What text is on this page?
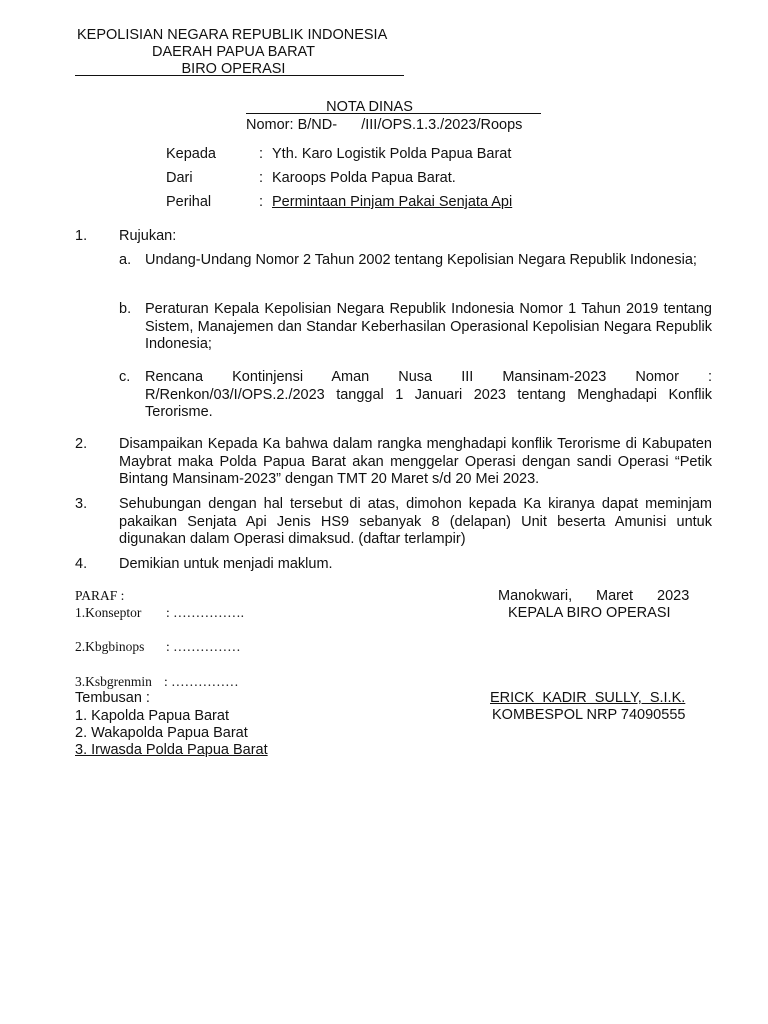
KEPOLISIAN NEGARA REPUBLIK INDONESIA
DAERAH PAPUA BARAT
BIRO OPERASI
NOTA DINAS
Nomor: B/ND-      /III/OPS.1.3./2023/Roops
Kepada	: Yth. Karo Logistik Polda Papua Barat
Dari	: Karoops Polda Papua Barat.
Perihal	: Permintaan Pinjam Pakai Senjata Api
1. Rujukan:
a. Undang-Undang Nomor 2 Tahun 2002 tentang Kepolisian Negara Republik Indonesia;
b. Peraturan Kepala Kepolisian Negara Republik Indonesia Nomor 1 Tahun 2019 tentang Sistem, Manajemen dan Standar Keberhasilan Operasional Kepolisian Negara Republik Indonesia;
c. Rencana Kontinjensi Aman Nusa III Mansinam-2023 Nomor : R/Renkon/03/I/OPS.2./2023 tanggal 1 Januari 2023 tentang Menghadapi Konflik Terorisme.
2. Disampaikan Kepada Ka bahwa dalam rangka menghadapi konflik Terorisme di Kabupaten Maybrat maka Polda Papua Barat akan menggelar Operasi dengan sandi Operasi “Petik Bintang Mansinam-2023” dengan TMT 20 Maret s/d 20 Mei 2023.
3. Sehubungan dengan hal tersebut di atas, dimohon kepada Ka kiranya dapat meminjam pakaikan Senjata Api Jenis HS9 sebanyak 8 (delapan) Unit beserta Amunisi untuk digunakan dalam Operasi dimaksud. (daftar terlampir)
4. Demikian untuk menjadi maklum.
PARAF :
1.Konseptor : …………….
2.Kbgbinops : ……………
3.Ksbgrenmin : ……………
Tembusan :
1. Kapolda Papua Barat
2. Wakapolda Papua Barat
3. Irwasda Polda Papua Barat
Manokwari, Maret 2023
KEPALA BIRO OPERASI
ERICK  KADIR  SULLY,  S.I.K.
KOMBESPOL NRP 74090555
